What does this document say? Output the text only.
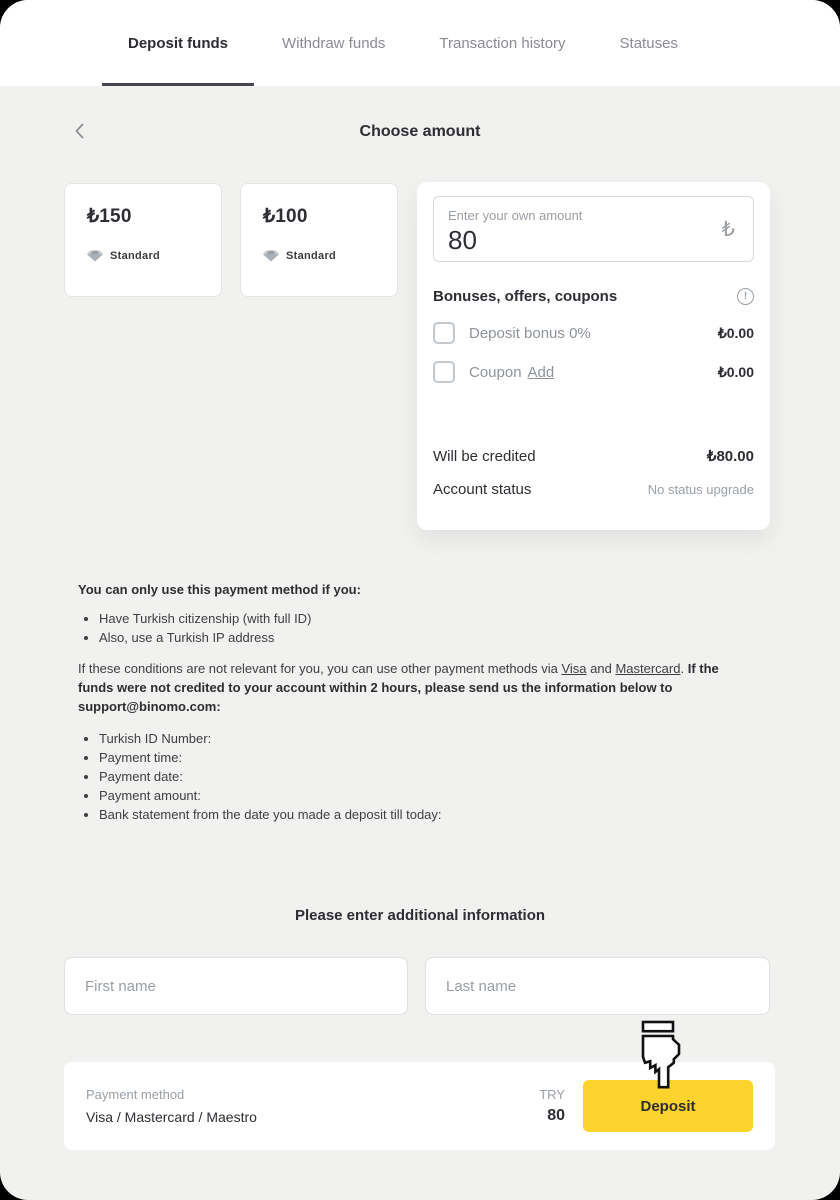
Deposit funds	Withdraw funds	Transaction history	Statuses
Choose amount
₺150
Standard
₺100
Standard
Enter your own amount
80
₺
Bonuses, offers, coupons	!
Deposit bonus 0%	₺0.00
Coupon Add	₺0.00
Will be credited	₺80.00
Account status	No status upgrade
You can only use this payment method if you:
• Have Turkish citizenship (with full ID)
• Also, use a Turkish IP address

If these conditions are not relevant for you, you can use other payment methods via Visa and Mastercard. If the funds were not credited to your account within 2 hours, please send us the information below to support@binomo.com:

• Turkish ID Number:
• Payment time:
• Payment date:
• Payment amount:
• Bank statement from the date you made a deposit till today:
Please enter additional information
First name
Last name
Payment method
Visa / Mastercard / Maestro
TRY
80
Deposit
